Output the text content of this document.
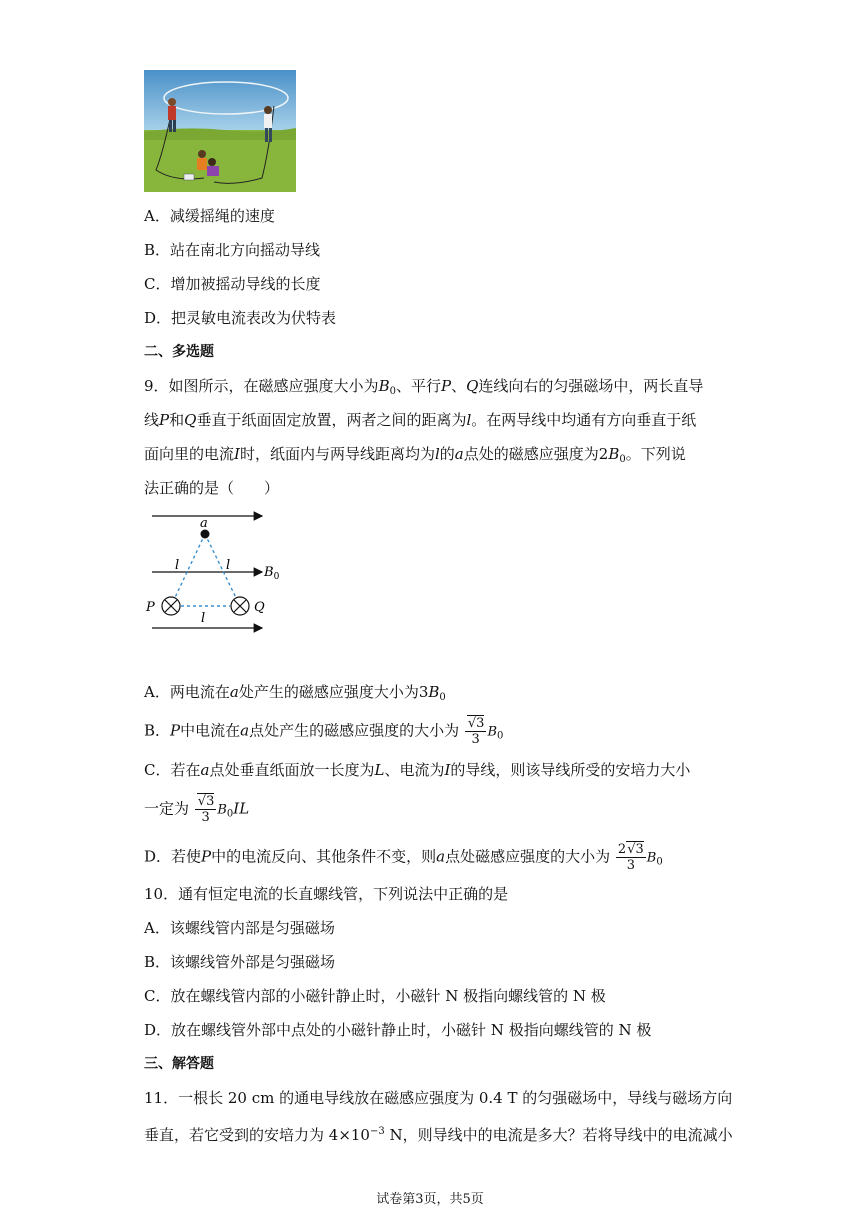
A．减缓摇绳的速度
B．站在南北方向摇动导线
C．增加被摇动导线的长度
D．把灵敏电流表改为伏特表
二、多选题
9．如图所示，在磁感应强度大小为$B_0$、平行P、Q连线向右的匀强磁场中，两长直导
线P和Q垂直于纸面固定放置，两者之间的距离为l。在两导线中均通有方向垂直于纸
面向里的电流I时，纸面内与两导线距离均为l的a点处的磁感应强度为$2B_0$。下列说
法正确的是（　　）
a
l	l	$B_0$
P	Q
l
A．两电流在a处产生的磁感应强度大小为$3B_0$
B．P中电流在a点处产生的磁感应强度的大小为 $\frac{√3}{3} B_0$
C．若在a点处垂直纸面放一长度为L、电流为I的导线，则该导线所受的安培力大小
一定为 $\frac{√3}{3} B_0IL$
D．若使P中的电流反向、其他条件不变，则a点处磁感应强度的大小为 $\frac{2√3}{3} B_0$
10．通有恒定电流的长直螺线管，下列说法中正确的是
A．该螺线管内部是匀强磁场
B．该螺线管外部是匀强磁场
C．放在螺线管内部的小磁针静止时，小磁针 N 极指向螺线管的 N 极
D．放在螺线管外部中点处的小磁针静止时，小磁针 N 极指向螺线管的 N 极
三、解答题
11．一根长 20 cm 的通电导线放在磁感应强度为 0.4 T 的匀强磁场中，导线与磁场方向
垂直，若它受到的安培力为 $4\times 10^{-3}$ N，则导线中的电流是多大？若将导线中的电流减小
试卷第3页，共5页
